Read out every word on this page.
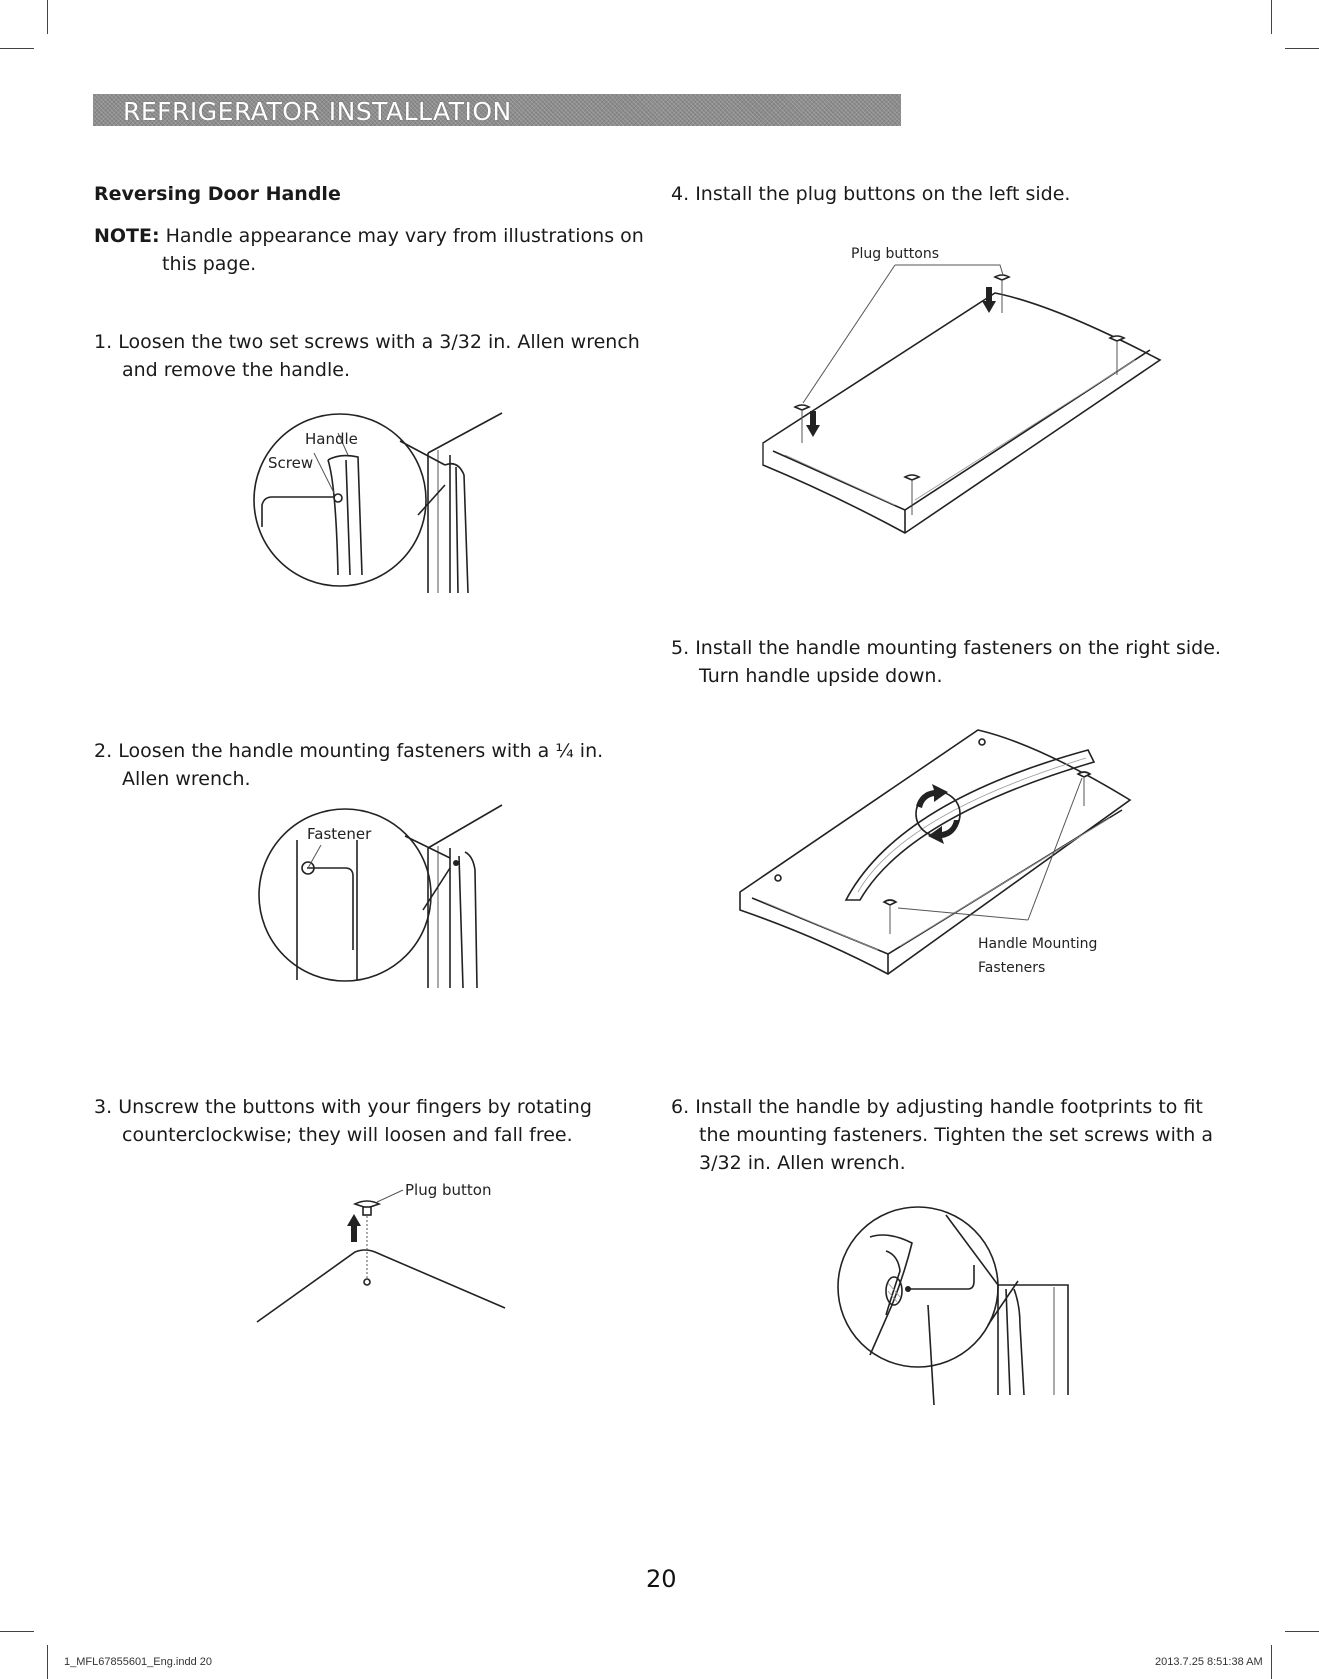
REFRIGERATOR INSTALLATION
Reversing Door Handle
NOTE: Handle appearance may vary from illustrations on
this page.
1. Loosen the two set screws with a 3/32 in. Allen wrench
and remove the handle.
2. Loosen the handle mounting fasteners with a ¼ in.
Allen wrench.
3. Unscrew the buttons with your fingers by rotating
counterclockwise; they will loosen and fall free.
4. Install the plug buttons on the left side.
5. Install the handle mounting fasteners on the right side.
Turn handle upside down.
6. Install the handle by adjusting handle footprints to fit
the mounting fasteners. Tighten the set screws with a
3/32 in. Allen wrench.
Handle
Screw
Fastener
Plug button
Plug buttons
Handle Mounting
Fasteners
20
1_MFL67855601_Eng.indd 20	2013.7.25 8:51:38 AM
